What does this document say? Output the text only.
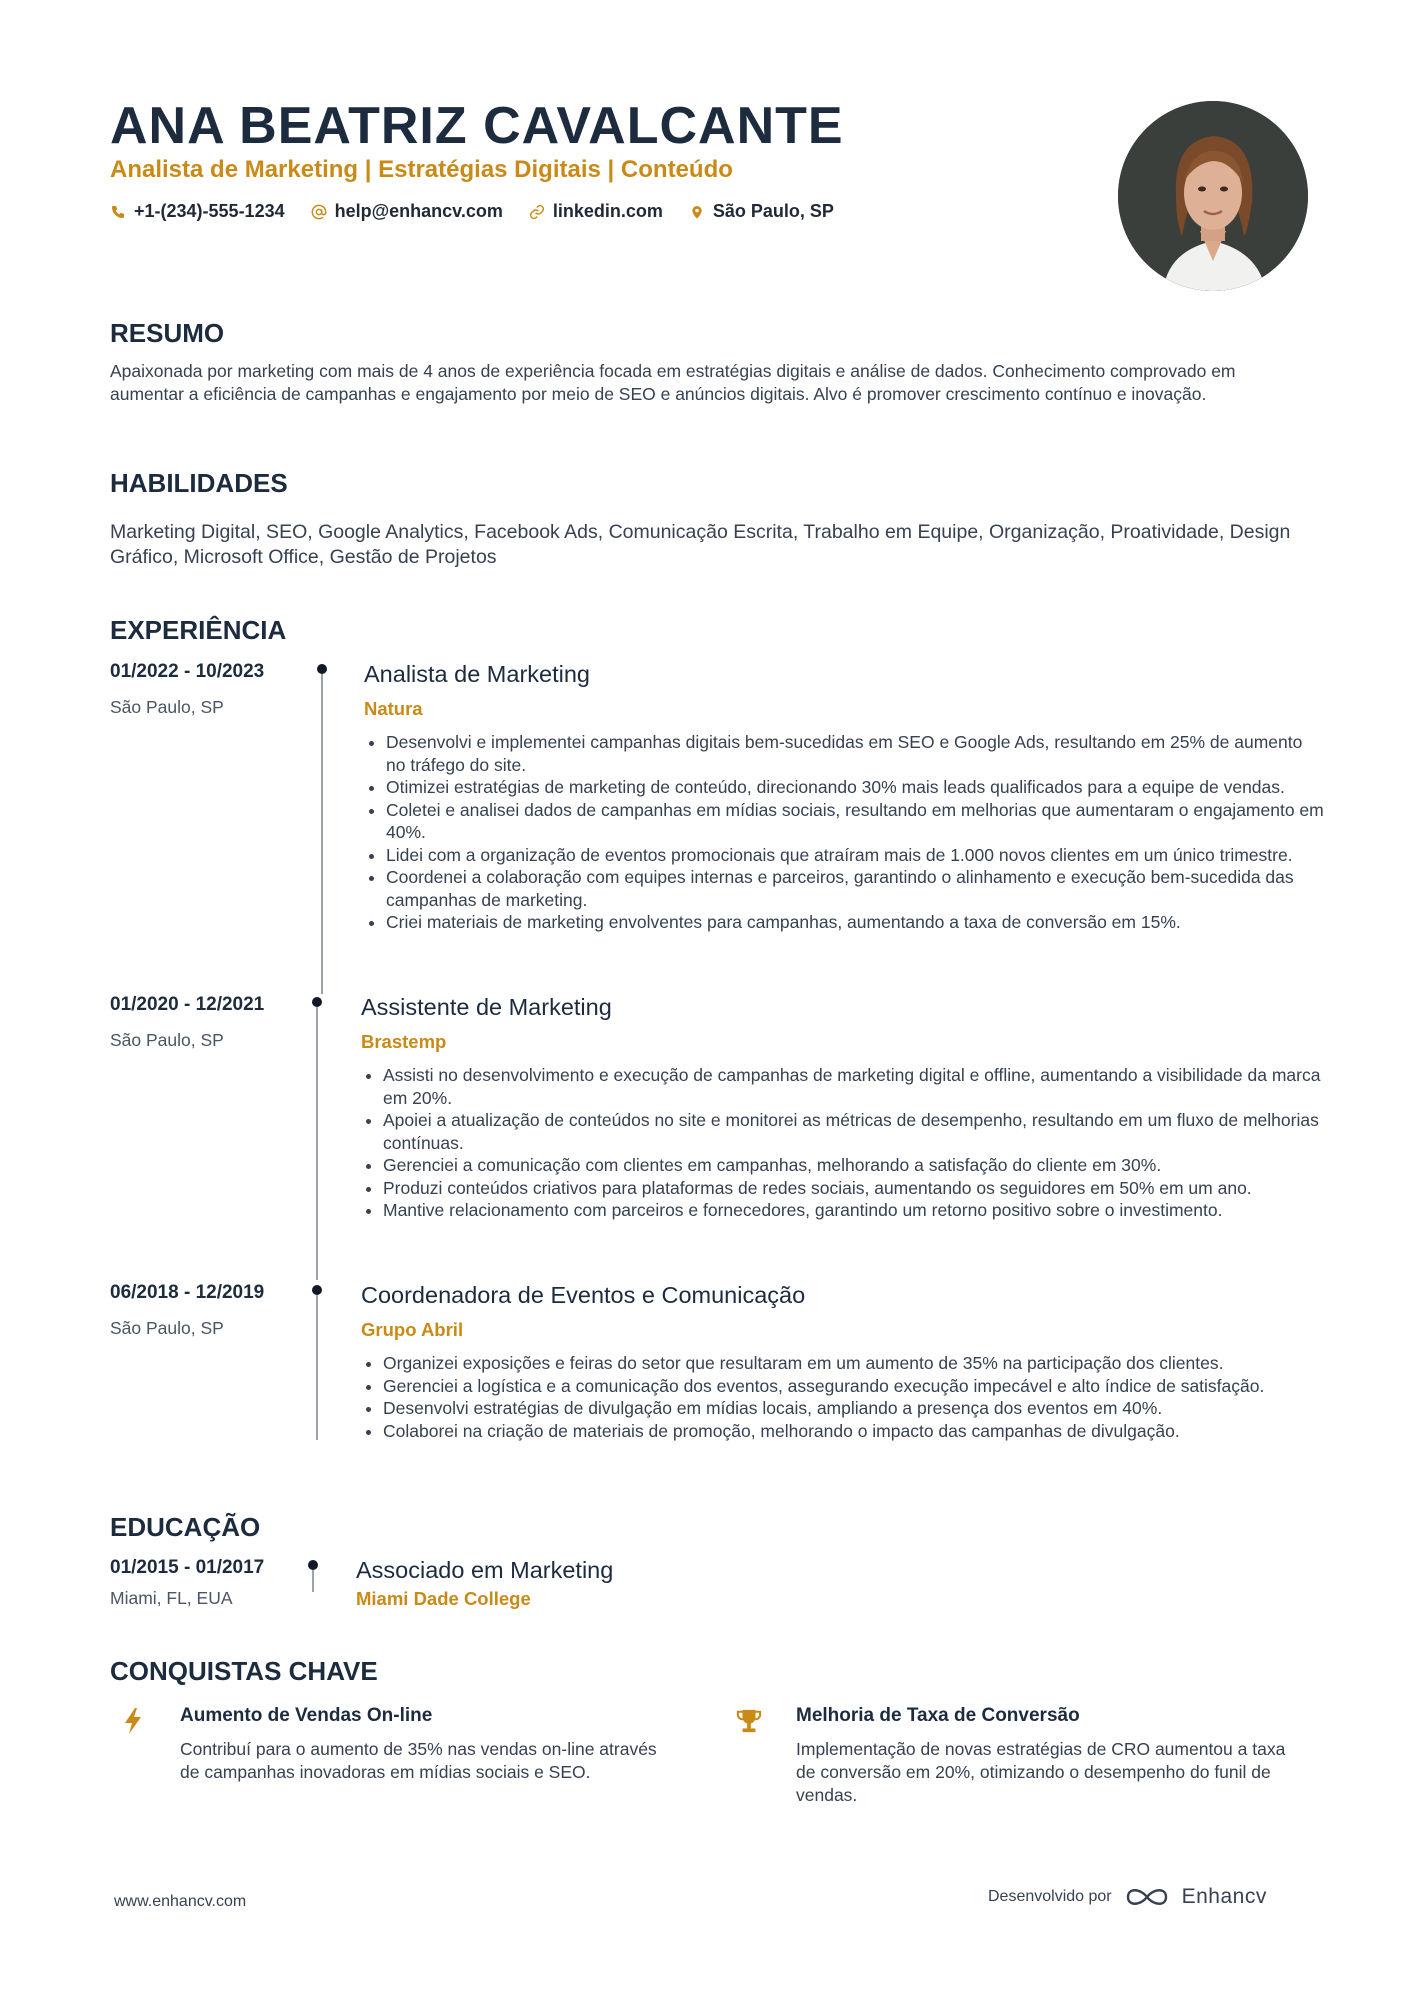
ANA BEATRIZ CAVALCANTE
Analista de Marketing | Estratégias Digitais | Conteúdo
+1-(234)-555-1234	help@enhancv.com	linkedin.com	São Paulo, SP
RESUMO

Apaixonada por marketing com mais de 4 anos de experiência focada em estratégias digitais e análise de dados. Conhecimento comprovado em aumentar a eficiência de campanhas e engajamento por meio de SEO e anúncios digitais. Alvo é promover crescimento contínuo e inovação.

HABILIDADES

Marketing Digital, SEO, Google Analytics, Facebook Ads, Comunicação Escrita, Trabalho em Equipe, Organização, Proatividade, Design Gráfico, Microsoft Office, Gestão de Projetos

EXPERIÊNCIA
01/2022 - 10/2023
São Paulo, SP
Analista de Marketing
Natura
• Desenvolvi e implementei campanhas digitais bem-sucedidas em SEO e Google Ads, resultando em 25% de aumento no tráfego do site.
• Otimizei estratégias de marketing de conteúdo, direcionando 30% mais leads qualificados para a equipe de vendas.
• Coletei e analisei dados de campanhas em mídias sociais, resultando em melhorias que aumentaram o engajamento em 40%.
• Lidei com a organização de eventos promocionais que atraíram mais de 1.000 novos clientes em um único trimestre.
• Coordenei a colaboração com equipes internas e parceiros, garantindo o alinhamento e execução bem-sucedida das campanhas de marketing.
• Criei materiais de marketing envolventes para campanhas, aumentando a taxa de conversão em 15%.
01/2020 - 12/2021
São Paulo, SP
Assistente de Marketing
Brastemp
• Assisti no desenvolvimento e execução de campanhas de marketing digital e offline, aumentando a visibilidade da marca em 20%.
• Apoiei a atualização de conteúdos no site e monitorei as métricas de desempenho, resultando em um fluxo de melhorias contínuas.
• Gerenciei a comunicação com clientes em campanhas, melhorando a satisfação do cliente em 30%.
• Produzi conteúdos criativos para plataformas de redes sociais, aumentando os seguidores em 50% em um ano.
• Mantive relacionamento com parceiros e fornecedores, garantindo um retorno positivo sobre o investimento.
06/2018 - 12/2019
São Paulo, SP
Coordenadora de Eventos e Comunicação
Grupo Abril
• Organizei exposições e feiras do setor que resultaram em um aumento de 35% na participação dos clientes.
• Gerenciei a logística e a comunicação dos eventos, assegurando execução impecável e alto índice de satisfação.
• Desenvolvi estratégias de divulgação em mídias locais, ampliando a presença dos eventos em 40%.
• Colaborei na criação de materiais de promoção, melhorando o impacto das campanhas de divulgação.
EDUCAÇÃO
01/2015 - 01/2017
Miami, FL, EUA
Associado em Marketing
Miami Dade College
CONQUISTAS CHAVE
Aumento de Vendas On-line

Contribuí para o aumento de 35% nas vendas on-line através de campanhas inovadoras em mídias sociais e SEO.

Melhoria de Taxa de Conversão

Implementação de novas estratégias de CRO aumentou a taxa de conversão em 20%, otimizando o desempenho do funil de vendas.

www.enhancv.com	Desenvolvido por	Enhancv
